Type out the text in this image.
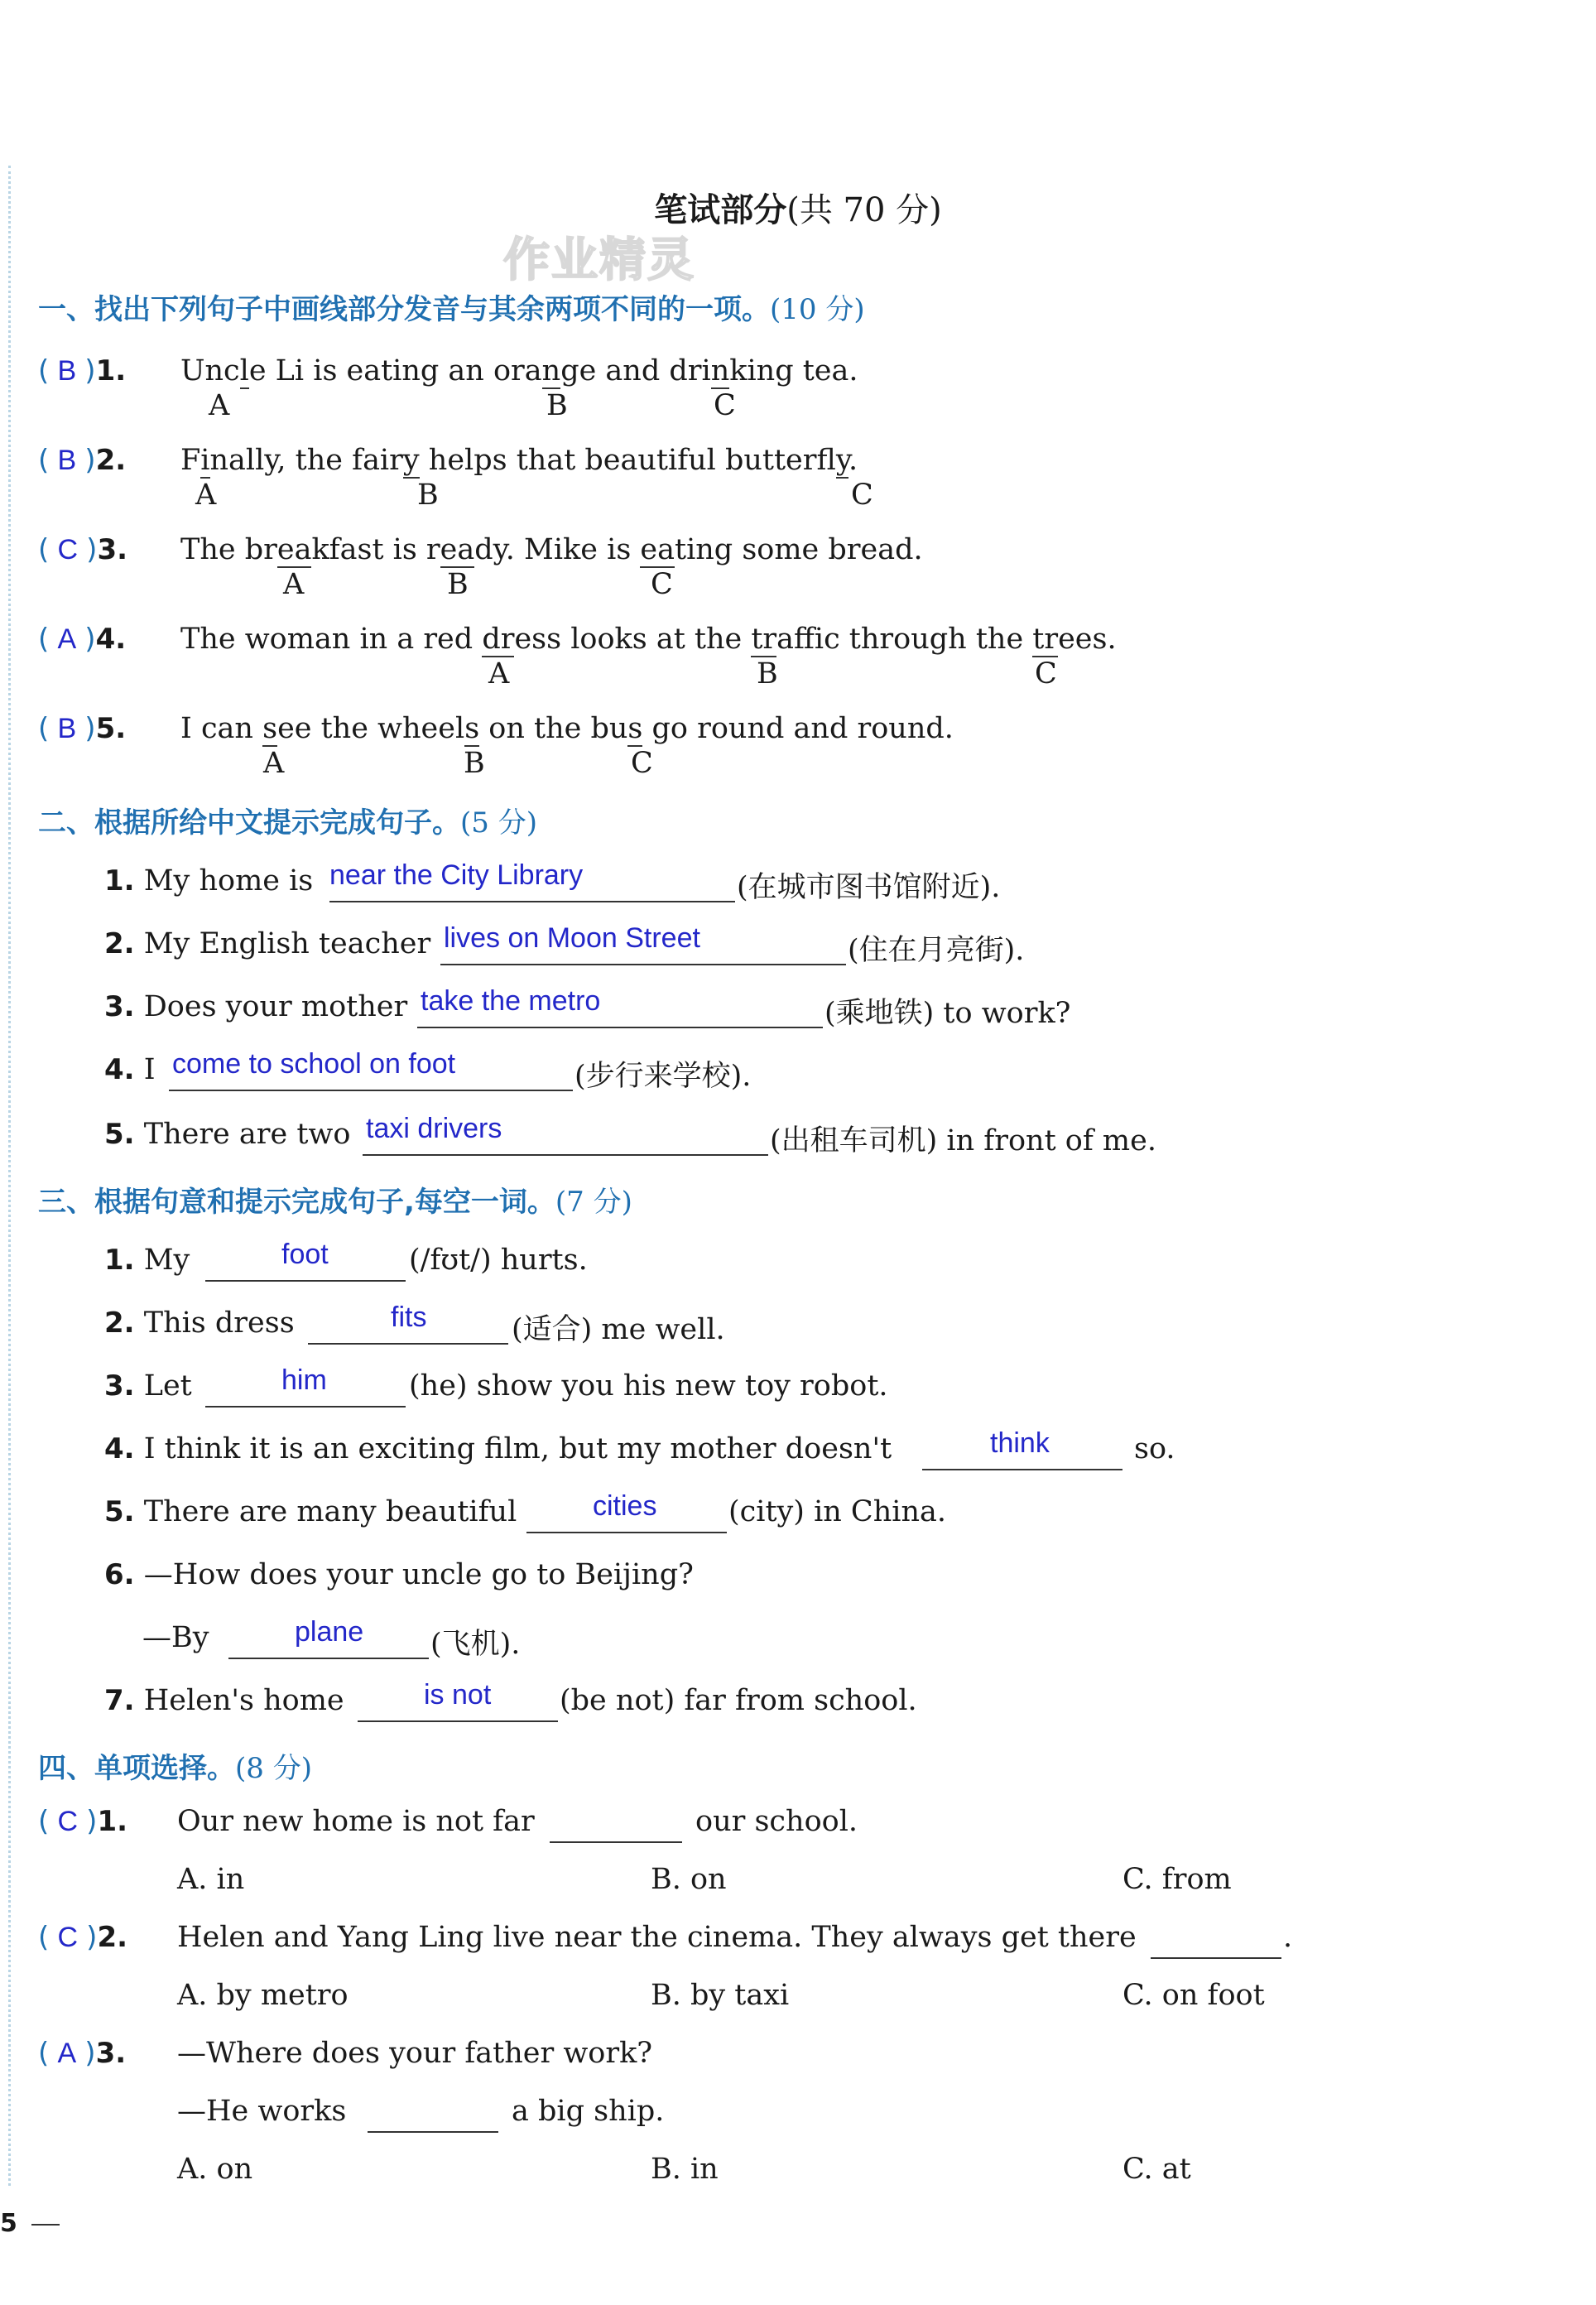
笔试部分(共 70 分)
作业精灵
一、找出下列句子中画线部分发音与其余两项不同的一项。(10 分)
( B )1. Uncle Li is eating an orange and drinking tea.
A	B	C
( B )2. Finally, the fairy helps that beautiful butterfly.
A	B	C
( C )3. The breakfast is ready. Mike is eating some bread.
A	B	C
( A )4. The woman in a red dress looks at the traffic through the trees.
A	B	C
( B )5. I can see the wheels on the bus go round and round.
A	B	C
二、根据所给中文提示完成句子。(5 分)
1. My home is near the City Library	(在城市图书馆附近).
2. My English teacher lives on Moon Street	(住在月亮街).
3. Does your mother take the metro	(乘地铁) to work?
4. I come to school on foot	(步行来学校).
5. There are two taxi drivers	(出租车司机) in front of me.
三、根据句意和提示完成句子,每空一词。(7 分)
1. My	foot	(/fʊt/) hurts.
2. This dress	fits	(适合) me well.
3. Let	him	(he) show you his new toy robot.
4. I think it is an exciting film, but my mother doesn't	think	so.
5. There are many beautiful	cities (city) in China.
6. —How does your uncle go to Beijing?
—By	plane (飞机).
7. Helen's home	is not (be not) far from school.
四、单项选择。(8 分)
( C )1. Our new home is not far	our school.
A. in	B. on	C. from
( C )2. Helen and Yang Ling live near the cinema. They always get there	.
A. by metro	B. by taxi	C. on foot
( A )3. —Where does your father work?
—He works	a big ship.
A. on	B. in	C. at
5
